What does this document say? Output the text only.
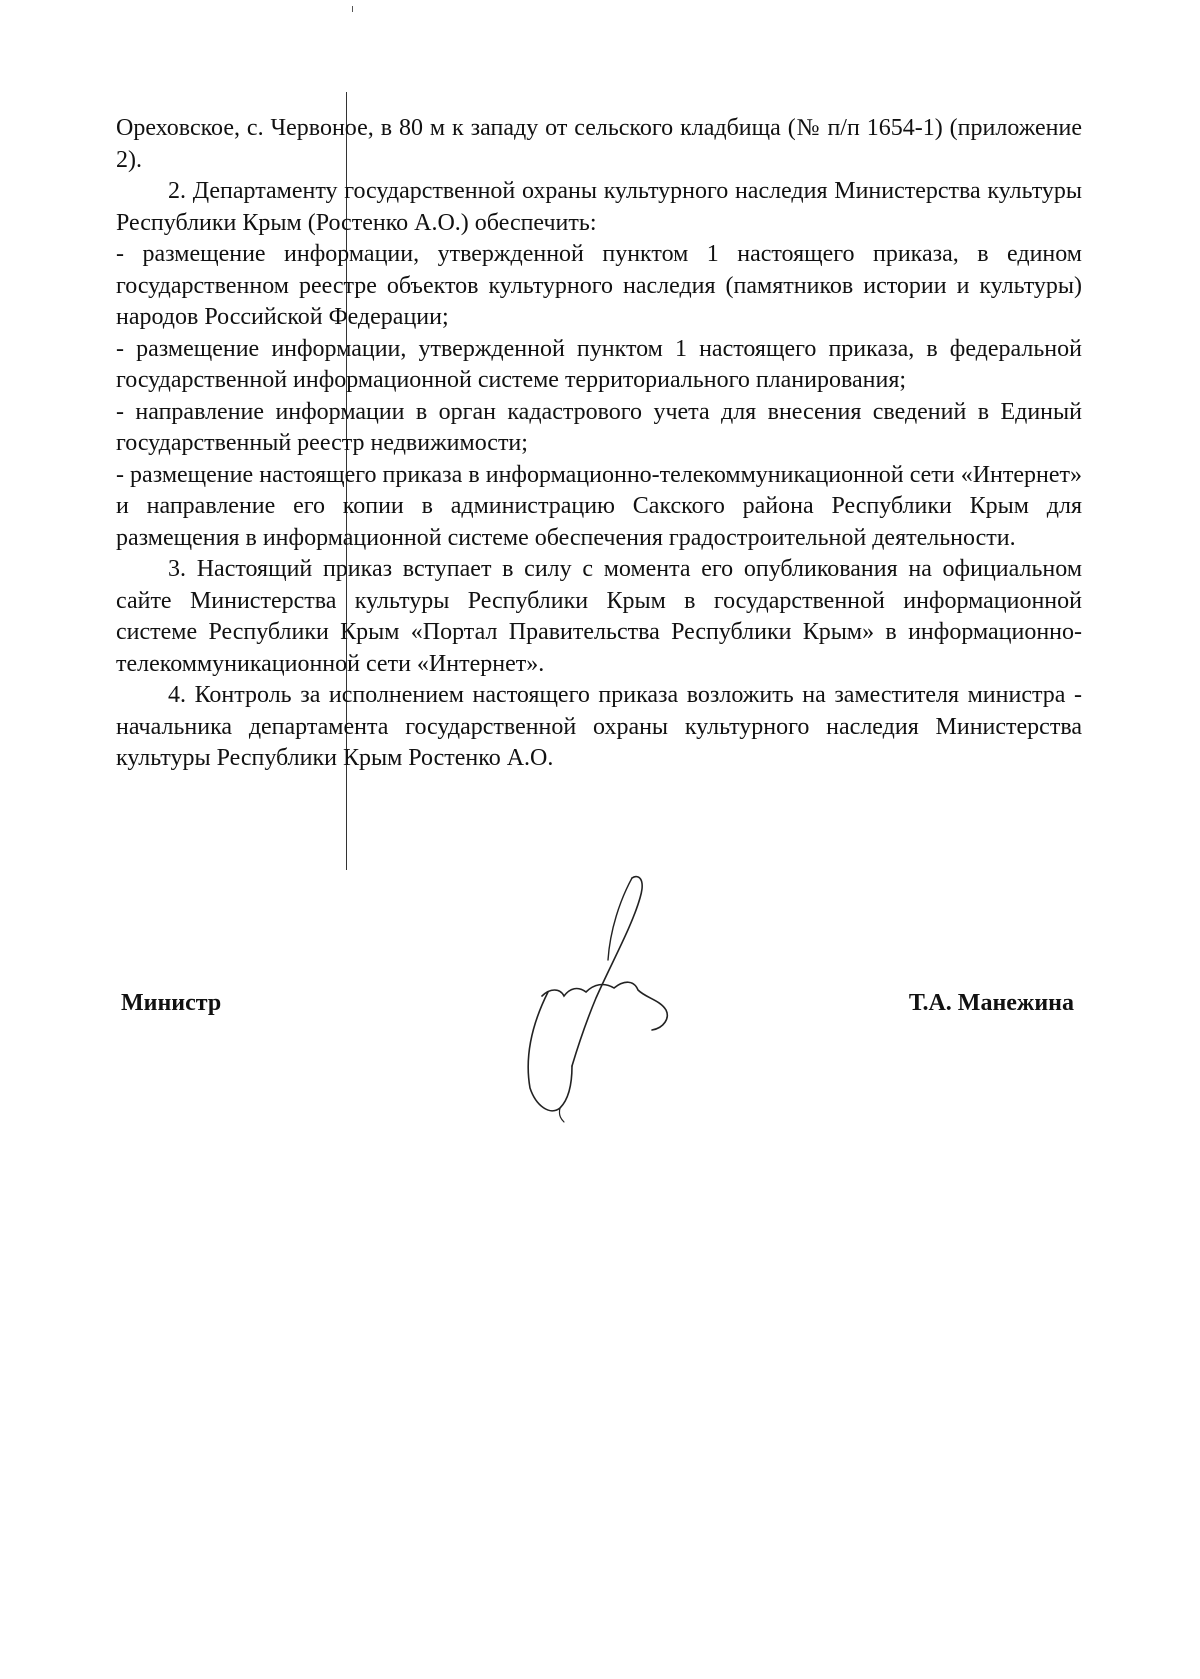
Ореховское, с. Червоное, в 80 м к западу от сельского кладбища (№ п/п 1654-1) (приложение 2).

2. Департаменту государственной охраны культурного наследия Министерства культуры Республики Крым (Ростенко А.О.) обеспечить:

- размещение информации, утвержденной пунктом 1 настоящего приказа, в едином государственном реестре объектов культурного наследия (памятников истории и культуры) народов Российской Федерации;

- размещение информации, утвержденной пунктом 1 настоящего приказа, в федеральной государственной информационной системе территориального планирования;

- направление информации в орган кадастрового учета для внесения сведений в Единый государственный реестр недвижимости;

- размещение настоящего приказа в информационно-телекоммуникационной сети «Интернет» и направление его копии в администрацию Сакского района Республики Крым для размещения в информационной системе обеспечения градостроительной деятельности.

3. Настоящий приказ вступает в силу с момента его опубликования на официальном сайте Министерства культуры Республики Крым в государственной информационной системе Республики Крым «Портал Правительства Республики Крым» в информационно-телекоммуникационной сети «Интернет».

4. Контроль за исполнением настоящего приказа возложить на заместителя министра - начальника департамента государственной охраны культурного наследия Министерства культуры Республики Крым Ростенко А.О.

Министр	Т.А. Манежина
